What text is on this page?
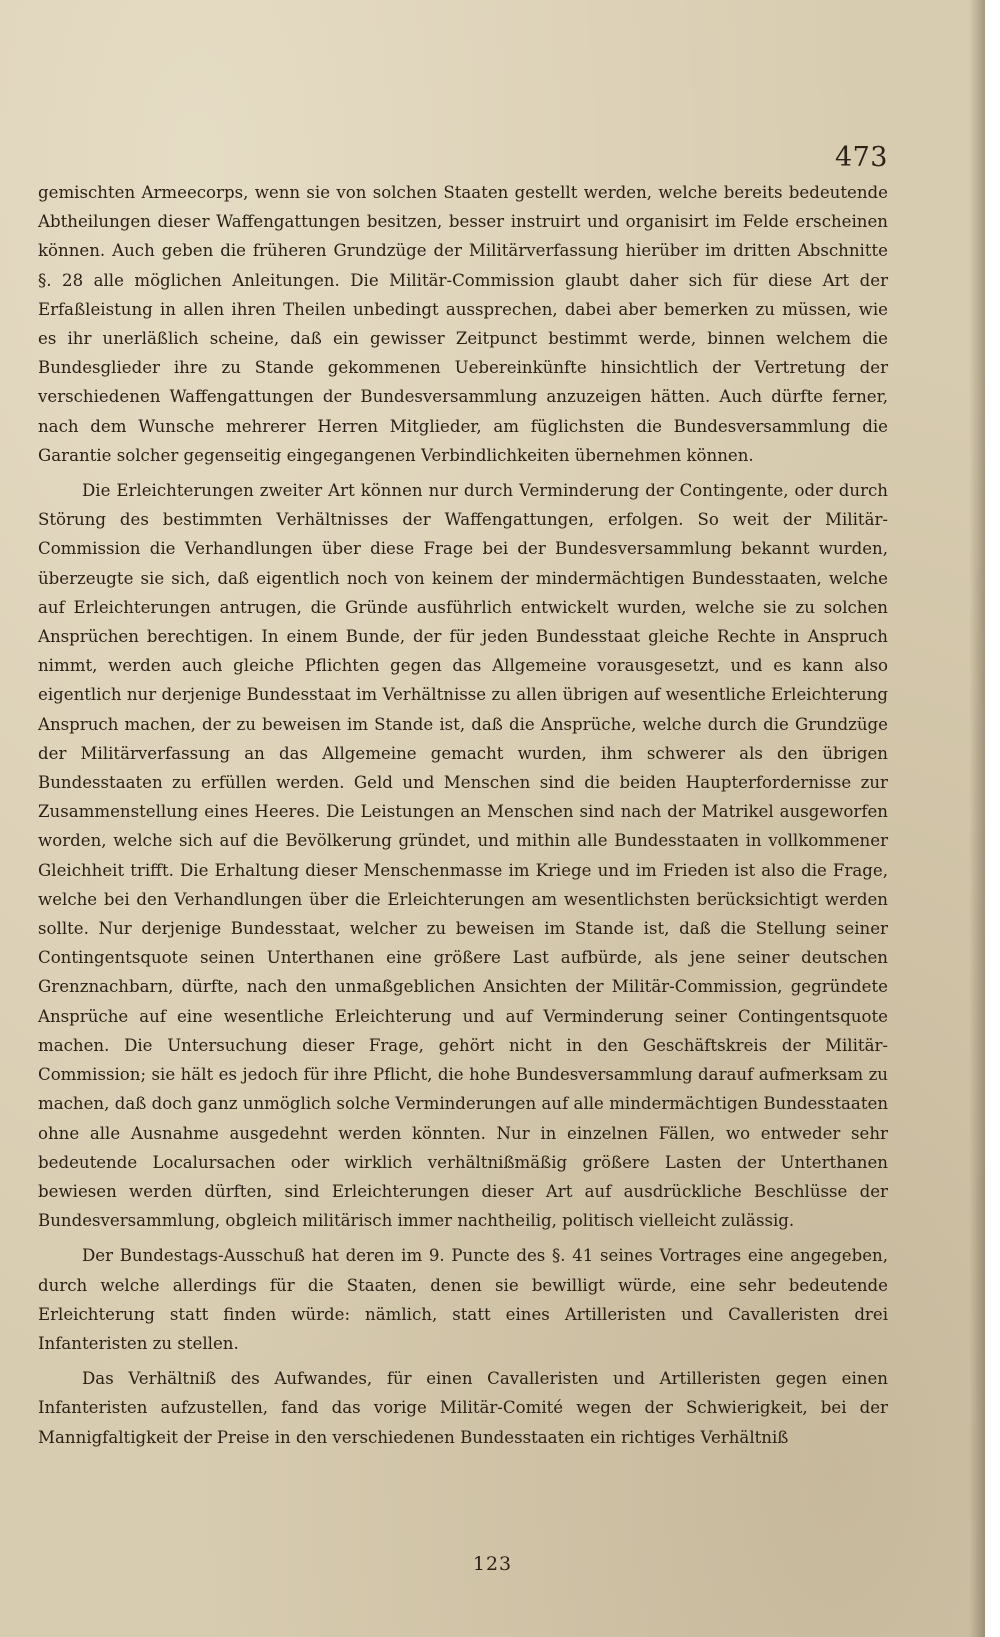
473

gemischten Armeecorps, wenn sie von solchen Staaten gestellt werden, welche bereits bedeutende Abtheilungen dieser Waffengattungen besitzen, besser instruirt und organisirt im Felde erscheinen können. Auch geben die früheren Grundzüge der Militärverfassung hierüber im dritten Abschnitte §. 28 alle möglichen Anleitungen. Die Militär-Commission glaubt daher sich für diese Art der Erfaßleistung in allen ihren Theilen unbedingt aussprechen, dabei aber bemerken zu müssen, wie es ihr unerläßlich scheine, daß ein gewisser Zeitpunct bestimmt werde, binnen welchem die Bundesglieder ihre zu Stande gekommenen Uebereinkünfte hinsichtlich der Vertretung der verschiedenen Waffengattungen der Bundesversammlung anzuzeigen hätten. Auch dürfte ferner, nach dem Wunsche mehrerer Herren Mitglieder, am füglichsten die Bundesversammlung die Garantie solcher gegenseitig eingegangenen Verbindlichkeiten übernehmen können.

Die Erleichterungen zweiter Art können nur durch Verminderung der Contingente, oder durch Störung des bestimmten Verhältnisses der Waffengattungen, erfolgen. So weit der Militär-Commission die Verhandlungen über diese Frage bei der Bundesversammlung bekannt wurden, überzeugte sie sich, daß eigentlich noch von keinem der mindermächtigen Bundesstaaten, welche auf Erleichterungen antrugen, die Gründe ausführlich entwickelt wurden, welche sie zu solchen Ansprüchen berechtigen. In einem Bunde, der für jeden Bundesstaat gleiche Rechte in Anspruch nimmt, werden auch gleiche Pflichten gegen das Allgemeine vorausgesetzt, und es kann also eigentlich nur derjenige Bundesstaat im Verhältnisse zu allen übrigen auf wesentliche Erleichterung Anspruch machen, der zu beweisen im Stande ist, daß die Ansprüche, welche durch die Grundzüge der Militärverfassung an das Allgemeine gemacht wurden, ihm schwerer als den übrigen Bundesstaaten zu erfüllen werden. Geld und Menschen sind die beiden Haupterfordernisse zur Zusammenstellung eines Heeres. Die Leistungen an Menschen sind nach der Matrikel ausgeworfen worden, welche sich auf die Bevölkerung gründet, und mithin alle Bundesstaaten in vollkommener Gleichheit trifft. Die Erhaltung dieser Menschenmasse im Kriege und im Frieden ist also die Frage, welche bei den Verhandlungen über die Erleichterungen am wesentlichsten berücksichtigt werden sollte. Nur derjenige Bundesstaat, welcher zu beweisen im Stande ist, daß die Stellung seiner Contingentsquote seinen Unterthanen eine größere Last aufbürde, als jene seiner deutschen Grenznachbarn, dürfte, nach den unmaßgeblichen Ansichten der Militär-Commission, gegründete Ansprüche auf eine wesentliche Erleichterung und auf Verminderung seiner Contingentsquote machen. Die Untersuchung dieser Frage, gehört nicht in den Geschäftskreis der Militär-Commission; sie hält es jedoch für ihre Pflicht, die hohe Bundesversammlung darauf aufmerksam zu machen, daß doch ganz unmöglich solche Verminderungen auf alle mindermächtigen Bundesstaaten ohne alle Ausnahme ausgedehnt werden könnten. Nur in einzelnen Fällen, wo entweder sehr bedeutende Localursachen oder wirklich verhältnißmäßig größere Lasten der Unterthanen bewiesen werden dürften, sind Erleichterungen dieser Art auf ausdrückliche Beschlüsse der Bundesversammlung, obgleich militärisch immer nachtheilig, politisch vielleicht zulässig.

Der Bundestags-Ausschuß hat deren im 9. Puncte des §. 41 seines Vortrages eine angegeben, durch welche allerdings für die Staaten, denen sie bewilligt würde, eine sehr bedeutende Erleichterung statt finden würde: nämlich, statt eines Artilleristen und Cavalleristen drei Infanteristen zu stellen.

Das Verhältniß des Aufwandes, für einen Cavalleristen und Artilleristen gegen einen Infanteristen aufzustellen, fand das vorige Militär-Comité wegen der Schwierigkeit, bei der Mannigfaltigkeit der Preise in den verschiedenen Bundesstaaten ein richtiges Verhältniß

123
